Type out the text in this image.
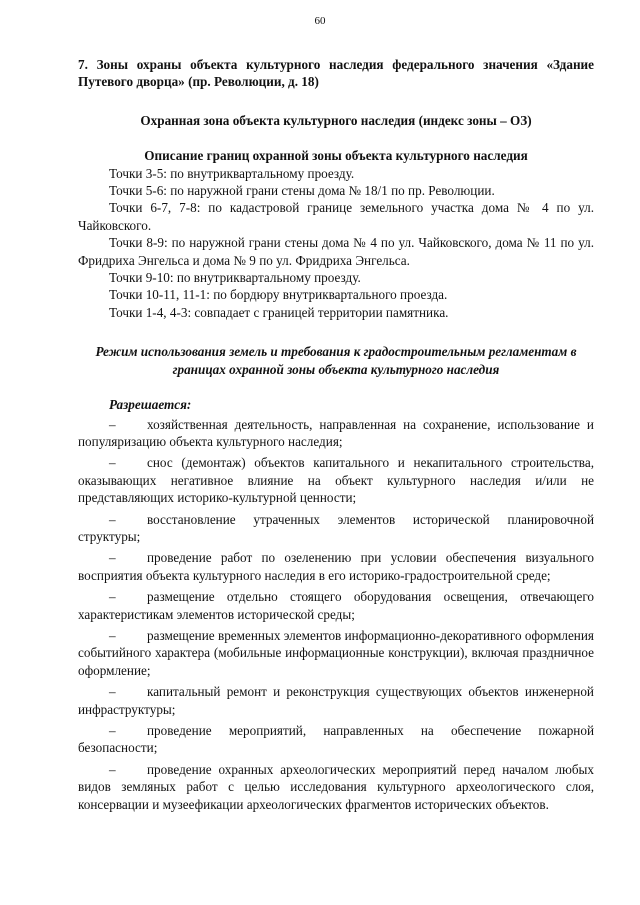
60
7. Зоны охраны объекта культурного наследия федерального значения «Здание Путевого дворца» (пр. Революции, д. 18)
Охранная зона объекта культурного наследия (индекс зоны – ОЗ)
Описание границ охранной зоны объекта культурного наследия
Точки 3-5: по внутриквартальному проезду.
Точки 5-6: по наружной грани стены дома № 18/1 по пр. Революции.
Точки 6-7, 7-8: по кадастровой границе земельного участка дома № 4 по ул. Чайковского.
Точки 8-9: по наружной грани стены дома № 4 по ул. Чайковского, дома № 11 по ул. Фридриха Энгельса и дома № 9 по ул. Фридриха Энгельса.
Точки 9-10: по внутриквартальному проезду.
Точки 10-11, 11-1: по бордюру внутриквартального проезда.
Точки 1-4, 4-3: совпадает с границей территории памятника.
Режим использования земель и требования к градостроительным регламентам в границах охранной зоны объекта культурного наследия
Разрешается:
– хозяйственная деятельность, направленная на сохранение, использование и популяризацию объекта культурного наследия;
– снос (демонтаж) объектов капитального и некапитального строительства, оказывающих негативное влияние на объект культурного наследия и/или не представляющих историко-культурной ценности;
– восстановление утраченных элементов исторической планировочной структуры;
– проведение работ по озеленению при условии обеспечения визуального восприятия объекта культурного наследия в его историко-градостроительной среде;
– размещение отдельно стоящего оборудования освещения, отвечающего характеристикам элементов исторической среды;
– размещение временных элементов информационно-декоративного оформления событийного характера (мобильные информационные конструкции), включая праздничное оформление;
– капитальный ремонт и реконструкция существующих объектов инженерной инфраструктуры;
– проведение мероприятий, направленных на обеспечение пожарной безопасности;
– проведение охранных археологических мероприятий перед началом любых видов земляных работ с целью исследования культурного археологического слоя, консервации и музеефикации археологических фрагментов исторических объектов.
